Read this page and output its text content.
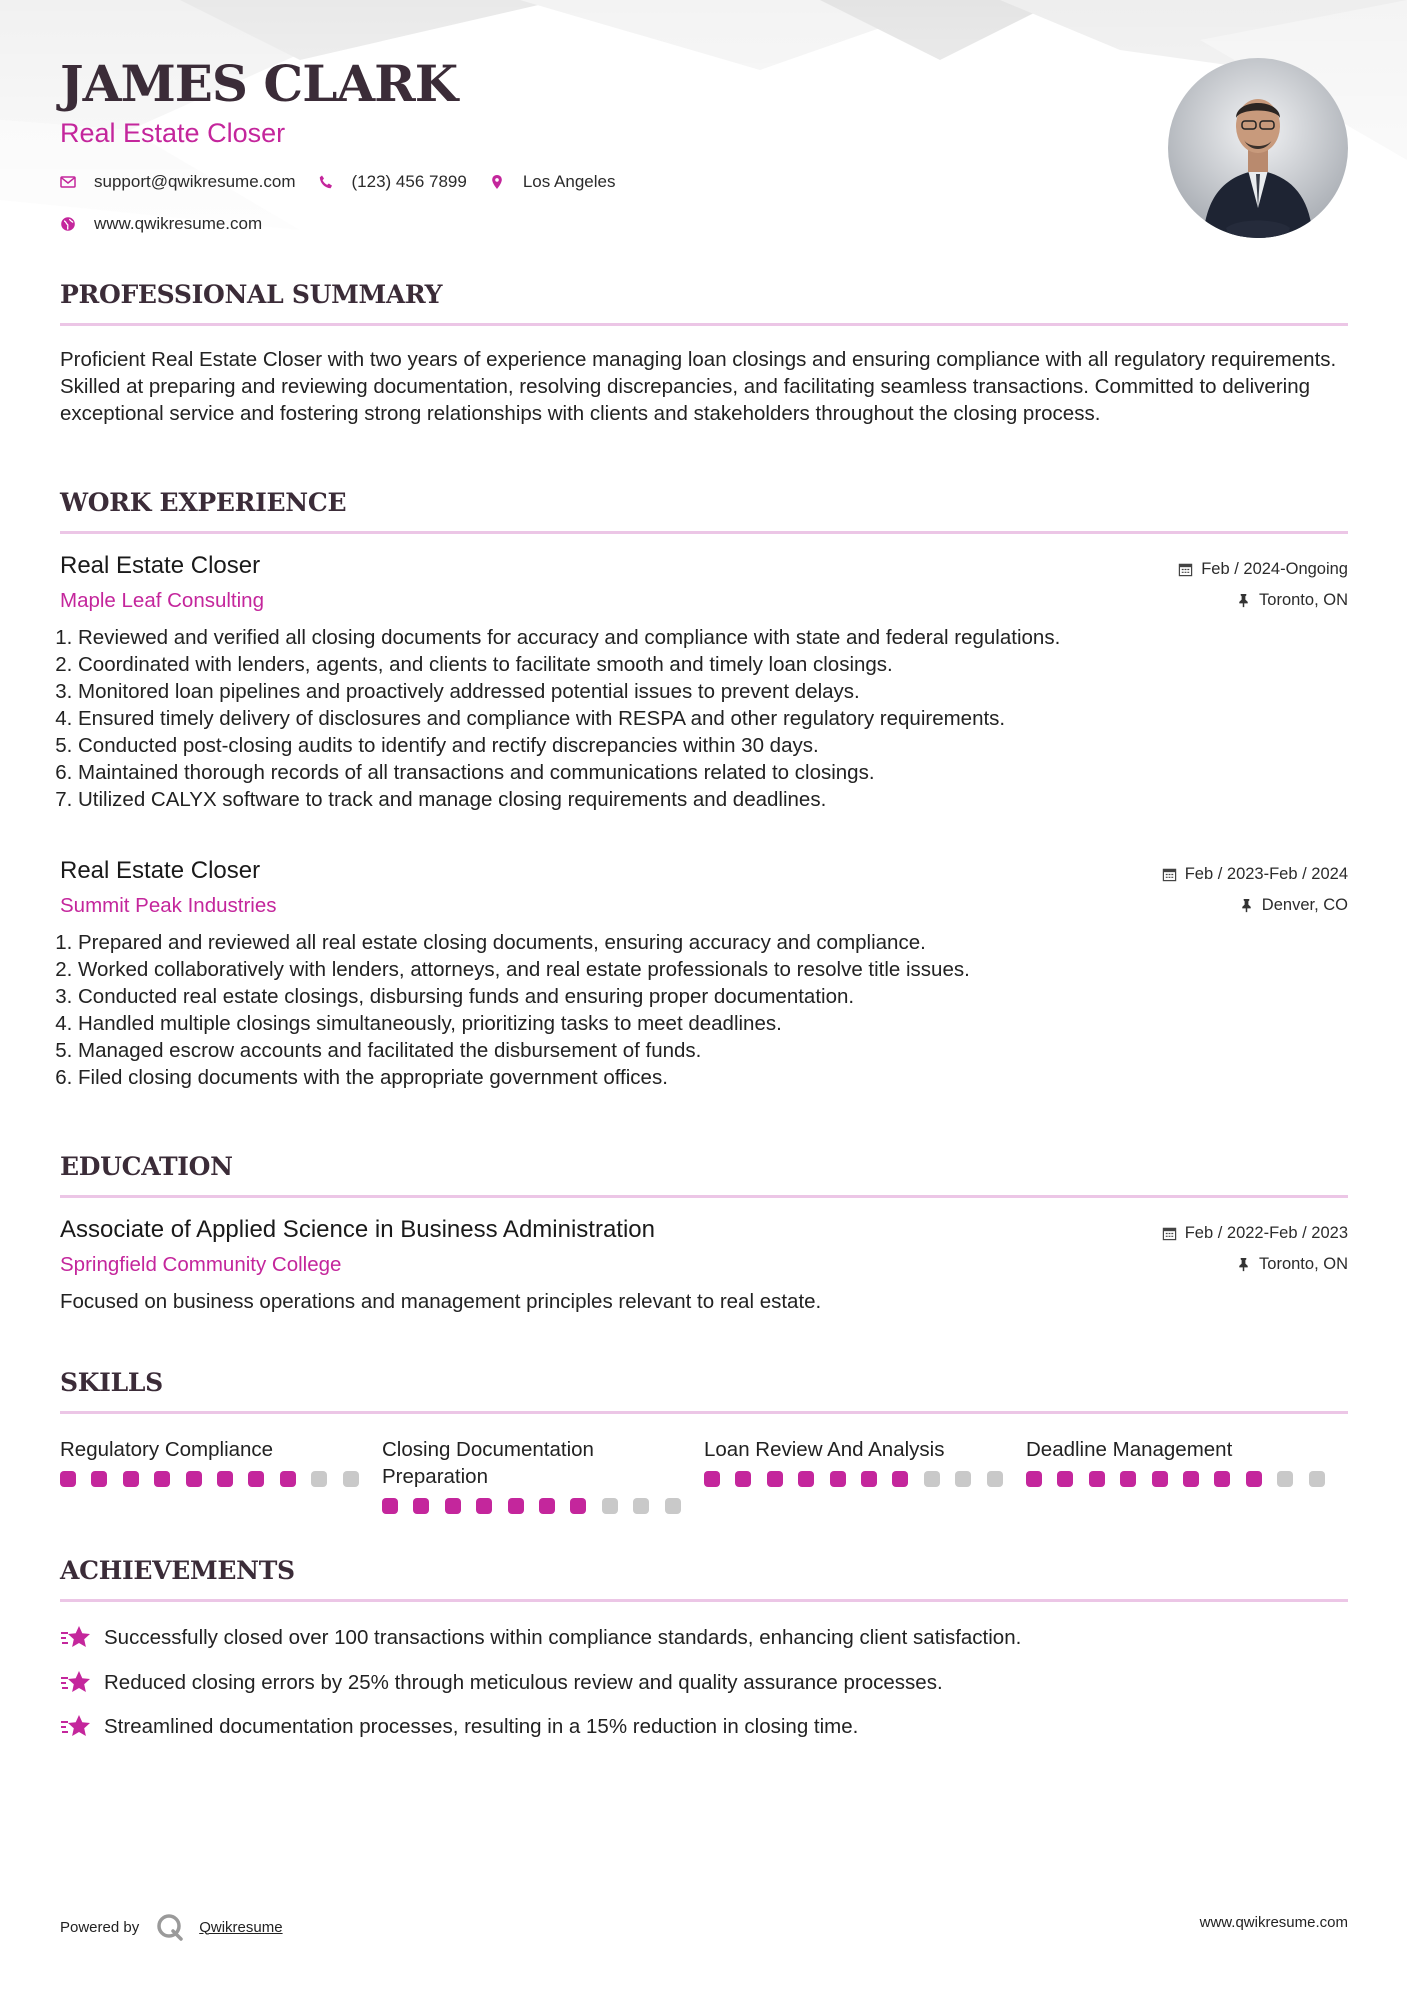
JAMES CLARK
Real Estate Closer
support@qwikresume.com	(123) 456 7899	Los Angeles
www.qwikresume.com
PROFESSIONAL SUMMARY

Proficient Real Estate Closer with two years of experience managing loan closings and ensuring compliance with all regulatory requirements. Skilled at preparing and reviewing documentation, resolving discrepancies, and facilitating seamless transactions. Committed to delivering exceptional service and fostering strong relationships with clients and stakeholders throughout the closing process.

WORK EXPERIENCE
Real Estate Closer
Maple Leaf Consulting
Feb / 2024-Ongoing
Toronto, ON
1. Reviewed and verified all closing documents for accuracy and compliance with state and federal regulations.
2. Coordinated with lenders, agents, and clients to facilitate smooth and timely loan closings.
3. Monitored loan pipelines and proactively addressed potential issues to prevent delays.
4. Ensured timely delivery of disclosures and compliance with RESPA and other regulatory requirements.
5. Conducted post-closing audits to identify and rectify discrepancies within 30 days.
6. Maintained thorough records of all transactions and communications related to closings.
7. Utilized CALYX software to track and manage closing requirements and deadlines.
Real Estate Closer
Summit Peak Industries
Feb / 2023-Feb / 2024
Denver, CO
1. Prepared and reviewed all real estate closing documents, ensuring accuracy and compliance.
2. Worked collaboratively with lenders, attorneys, and real estate professionals to resolve title issues.
3. Conducted real estate closings, disbursing funds and ensuring proper documentation.
4. Handled multiple closings simultaneously, prioritizing tasks to meet deadlines.
5. Managed escrow accounts and facilitated the disbursement of funds.
6. Filed closing documents with the appropriate government offices.
EDUCATION
Associate of Applied Science in Business Administration
Springfield Community College
Feb / 2022-Feb / 2023
Toronto, ON

Focused on business operations and management principles relevant to real estate.

SKILLS
Regulatory Compliance	Closing Documentation Preparation
Loan Review And Analysis	Deadline Management
ACHIEVEMENTS
Successfully closed over 100 transactions within compliance standards, enhancing client satisfaction.
Reduced closing errors by 25% through meticulous review and quality assurance processes.
Streamlined documentation processes, resulting in a 15% reduction in closing time.
Powered by	Qwikresume	www.qwikresume.com
